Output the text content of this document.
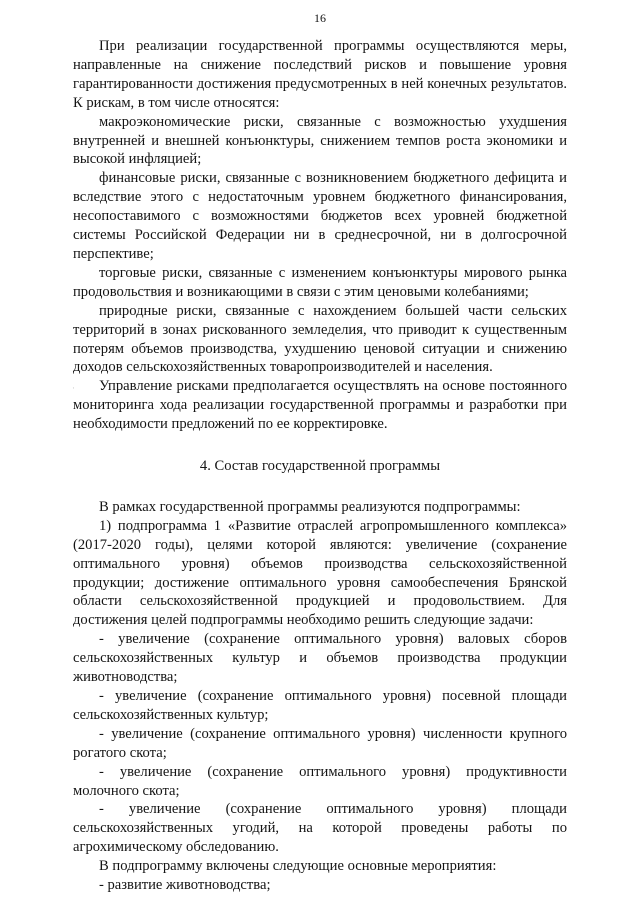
16

При реализации государственной программы осуществляются меры, направленные на снижение последствий рисков и повышение уровня гарантированности достижения предусмотренных в ней конечных результатов. К рискам, в том числе относятся:

макроэкономические риски, связанные с возможностью ухудшения внутренней и внешней конъюнктуры, снижением темпов роста экономики и высокой инфляцией;

финансовые риски, связанные с возникновением бюджетного дефицита и вследствие этого с недостаточным уровнем бюджетного финансирования, несопоставимого с возможностями бюджетов всех уровней бюджетной системы Российской Федерации ни в среднесрочной, ни в долгосрочной перспективе;

торговые риски, связанные с изменением конъюнктуры мирового рынка продовольствия и возникающими в связи с этим ценовыми колебаниями;

природные риски, связанные с нахождением большей части сельских территорий в зонах рискованного земледелия, что приводит к существенным потерям объемов производства, ухудшению ценовой ситуации и снижению доходов сельскохозяйственных товаропроизводителей и населения.

Управление рисками предполагается осуществлять на основе постоянного мониторинга хода реализации государственной программы и разработки при необходимости предложений по ее корректировке.

4. Состав государственной программы

В рамках государственной программы реализуются подпрограммы:

1) подпрограмма 1 «Развитие отраслей агропромышленного комплекса» (2017-2020 годы), целями которой являются: увеличение (сохранение оптимального уровня) объемов производства сельскохозяйственной продукции; достижение оптимального уровня самообеспечения Брянской области сельскохозяйственной продукцией и продовольствием. Для достижения целей подпрограммы необходимо решить следующие задачи:

- увеличение (сохранение оптимального уровня) валовых сборов сельскохозяйственных культур и объемов производства продукции животноводства;

- увеличение (сохранение оптимального уровня) посевной площади сельскохозяйственных культур;

- увеличение (сохранение оптимального уровня) численности крупного рогатого скота;

- увеличение (сохранение оптимального уровня) продуктивности молочного скота;

- увеличение (сохранение оптимального уровня) площади сельскохозяйственных угодий, на которой проведены работы по агрохимическому обследованию.

В подпрограмму включены следующие основные мероприятия:

- развитие животноводства;

·
